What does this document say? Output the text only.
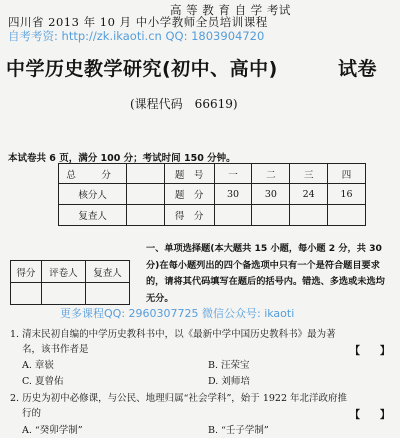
高 等 教 育 自 学 考试
四川省 2013 年 10 月 中小学教师全员培训课程
自考考资: http://zk.ikaoti.cn QQ: 1803904720
中学历史教学研究(初中、高中)	试卷
(课程代码　66619)
本试卷共 6 页，满分 100 分；考试时间 150 分钟。
总　分		题　号	一	二	三	四
核分人		题　分	30	30	24	16
复查人		得　分				
得分	评卷人	复查人

一、单项选择题(本大题共 15 小题，每小题 2 分，共 30 分)在每小题列出的四个备选项中只有一个是符合题目要求的，请将其代码填写在题后的括号内。错选、多选或未选均无分。
更多课程QQ: 2960307725 微信公众号: ikaoti
1. 清末民初自编的中学历史教科书中，以《最新中学中国历史教科书》最为著
名，该书作者是	【　　】
A. 章嵚	B. 汪荣宝
C. 夏曾佑	D. 刘师培
2. 历史为初中必修课，与公民、地理归属“社会学科”，始于 1922 年北洋政府推
行的	【　　】
A. “癸卯学制”	B. “壬子学制”
